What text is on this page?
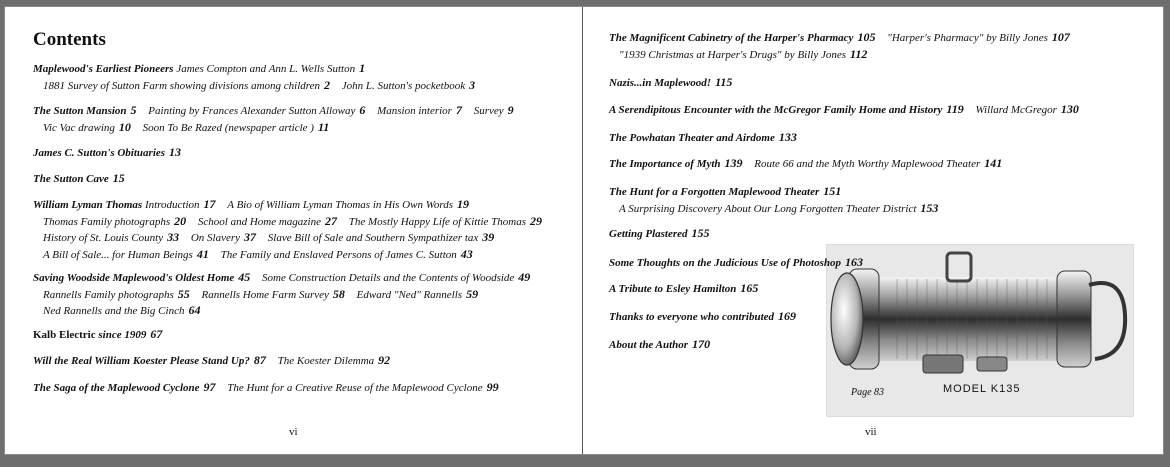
Contents
Maplewood's Earliest Pioneers James Compton and Ann L. Wells Sutton 1
1881 Survey of Sutton Farm showing divisions among children 2 John L. Sutton's pocketbook 3
The Sutton Mansion 5 Painting by Frances Alexander Sutton Alloway 6 Mansion interior 7 Survey 9
Vic Vac drawing 10 Soon To Be Razed (newspaper article ) 11
James C. Sutton's Obituaries 13
The Sutton Cave 15
William Lyman Thomas Introduction 17 A Bio of William Lyman Thomas in His Own Words 19
Thomas Family photographs 20 School and Home magazine 27 The Mostly Happy Life of Kittie Thomas 29
History of St. Louis County 33 On Slavery 37 Slave Bill of Sale and Southern Sympathizer tax 39
A Bill of Sale... for Human Beings 41 The Family and Enslaved Persons of James C. Sutton 43
Saving Woodside Maplewood's Oldest Home 45 Some Construction Details and the Contents of Woodside 49
Rannells Family photographs 55 Rannells Home Farm Survey 58 Edward "Ned" Rannells 59
Ned Rannells and the Big Cinch 64
Kalb Electric since 1909 67
Will the Real William Koester Please Stand Up? 87 The Koester Dilemma 92
The Saga of the Maplewood Cyclone 97 The Hunt for a Creative Reuse of the Maplewood Cyclone 99
vi
The Magnificent Cabinetry of the Harper's Pharmacy 105 "Harper's Pharmacy" by Billy Jones 107
"1939 Christmas at Harper's Drugs" by Billy Jones 112
Nazis...in Maplewood! 115
A Serendipitous Encounter with the McGregor Family Home and History 119 Willard McGregor 130
The Powhatan Theater and Airdome 133
The Importance of Myth 139 Route 66 and the Myth Worthy Maplewood Theater 141
The Hunt for a Forgotten Maplewood Theater 151
A Surprising Discovery About Our Long Forgotten Theater District 153
Getting Plastered 155
Page 83	MODEL K135
Some Thoughts on the Judicious Use of Photoshop 163
A Tribute to Esley Hamilton 165
Thanks to everyone who contributed 169
About the Author 170
vii
